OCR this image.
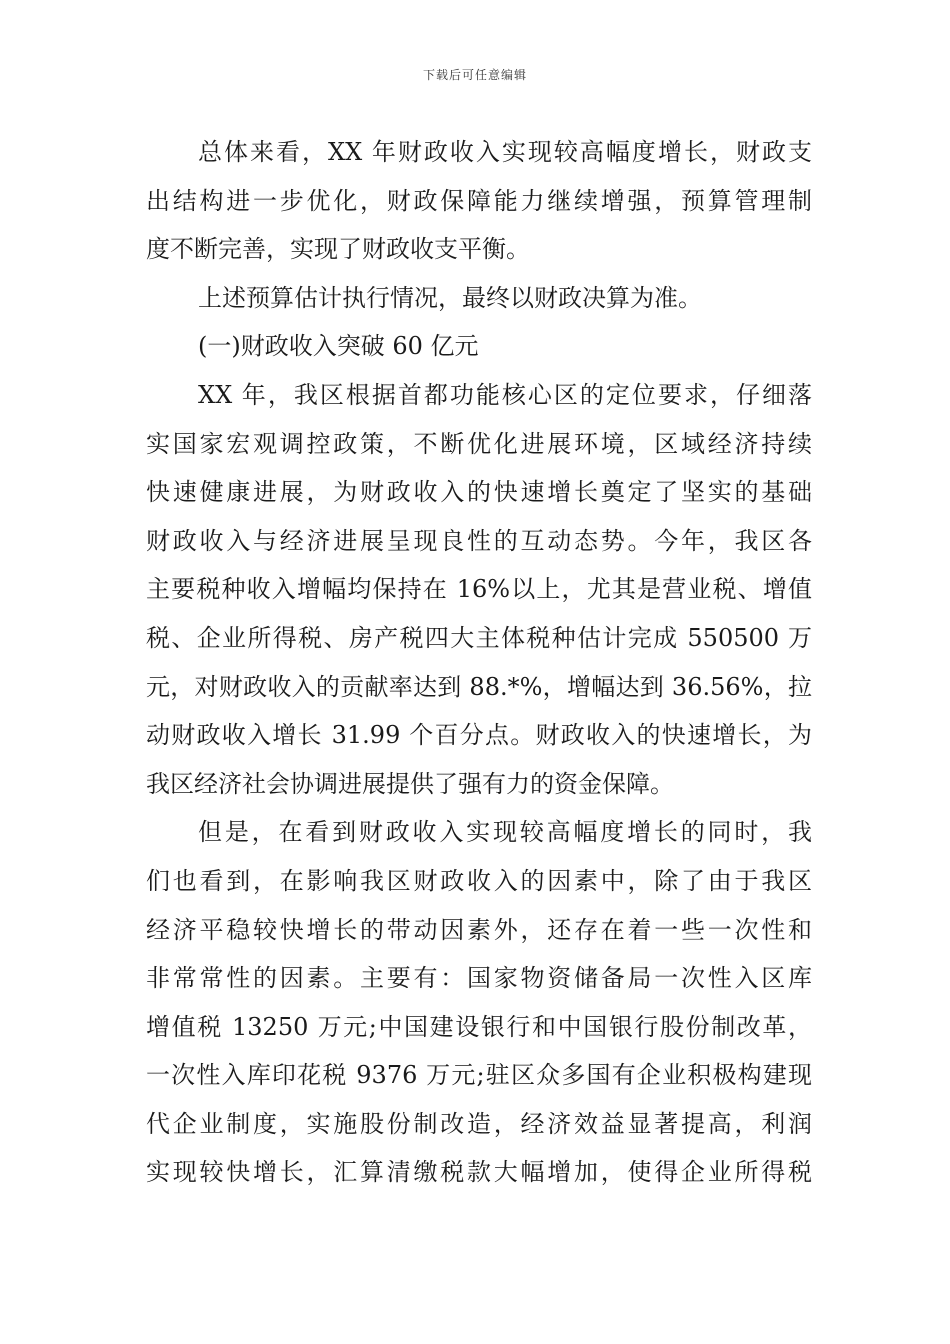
下载后可任意编辑
总体来看，XX 年财政收入实现较高幅度增长，财政支
出结构进一步优化，财政保障能力继续增强，预算管理制
度不断完善，实现了财政收支平衡。
上述预算估计执行情况，最终以财政决算为准。
(一)财政收入突破 60 亿元
XX 年，我区根据首都功能核心区的定位要求，仔细落
实国家宏观调控政策，不断优化进展环境，区域经济持续
快速健康进展，为财政收入的快速增长奠定了坚实的基础
财政收入与经济进展呈现良性的互动态势。今年，我区各
主要税种收入增幅均保持在 16%以上，尤其是营业税、增值
税、企业所得税、房产税四大主体税种估计完成 550500 万
元，对财政收入的贡献率达到 88.*%，增幅达到 36.56%，拉
动财政收入增长 31.99 个百分点。财政收入的快速增长，为
我区经济社会协调进展提供了强有力的资金保障。
但是，在看到财政收入实现较高幅度增长的同时，我
们也看到，在影响我区财政收入的因素中，除了由于我区
经济平稳较快增长的带动因素外，还存在着一些一次性和
非常常性的因素。主要有：国家物资储备局一次性入区库
增值税 13250 万元;中国建设银行和中国银行股份制改革，
一次性入库印花税 9376 万元;驻区众多国有企业积极构建现
代企业制度，实施股份制改造，经济效益显著提高，利润
实现较快增长，汇算清缴税款大幅增加，使得企业所得税
